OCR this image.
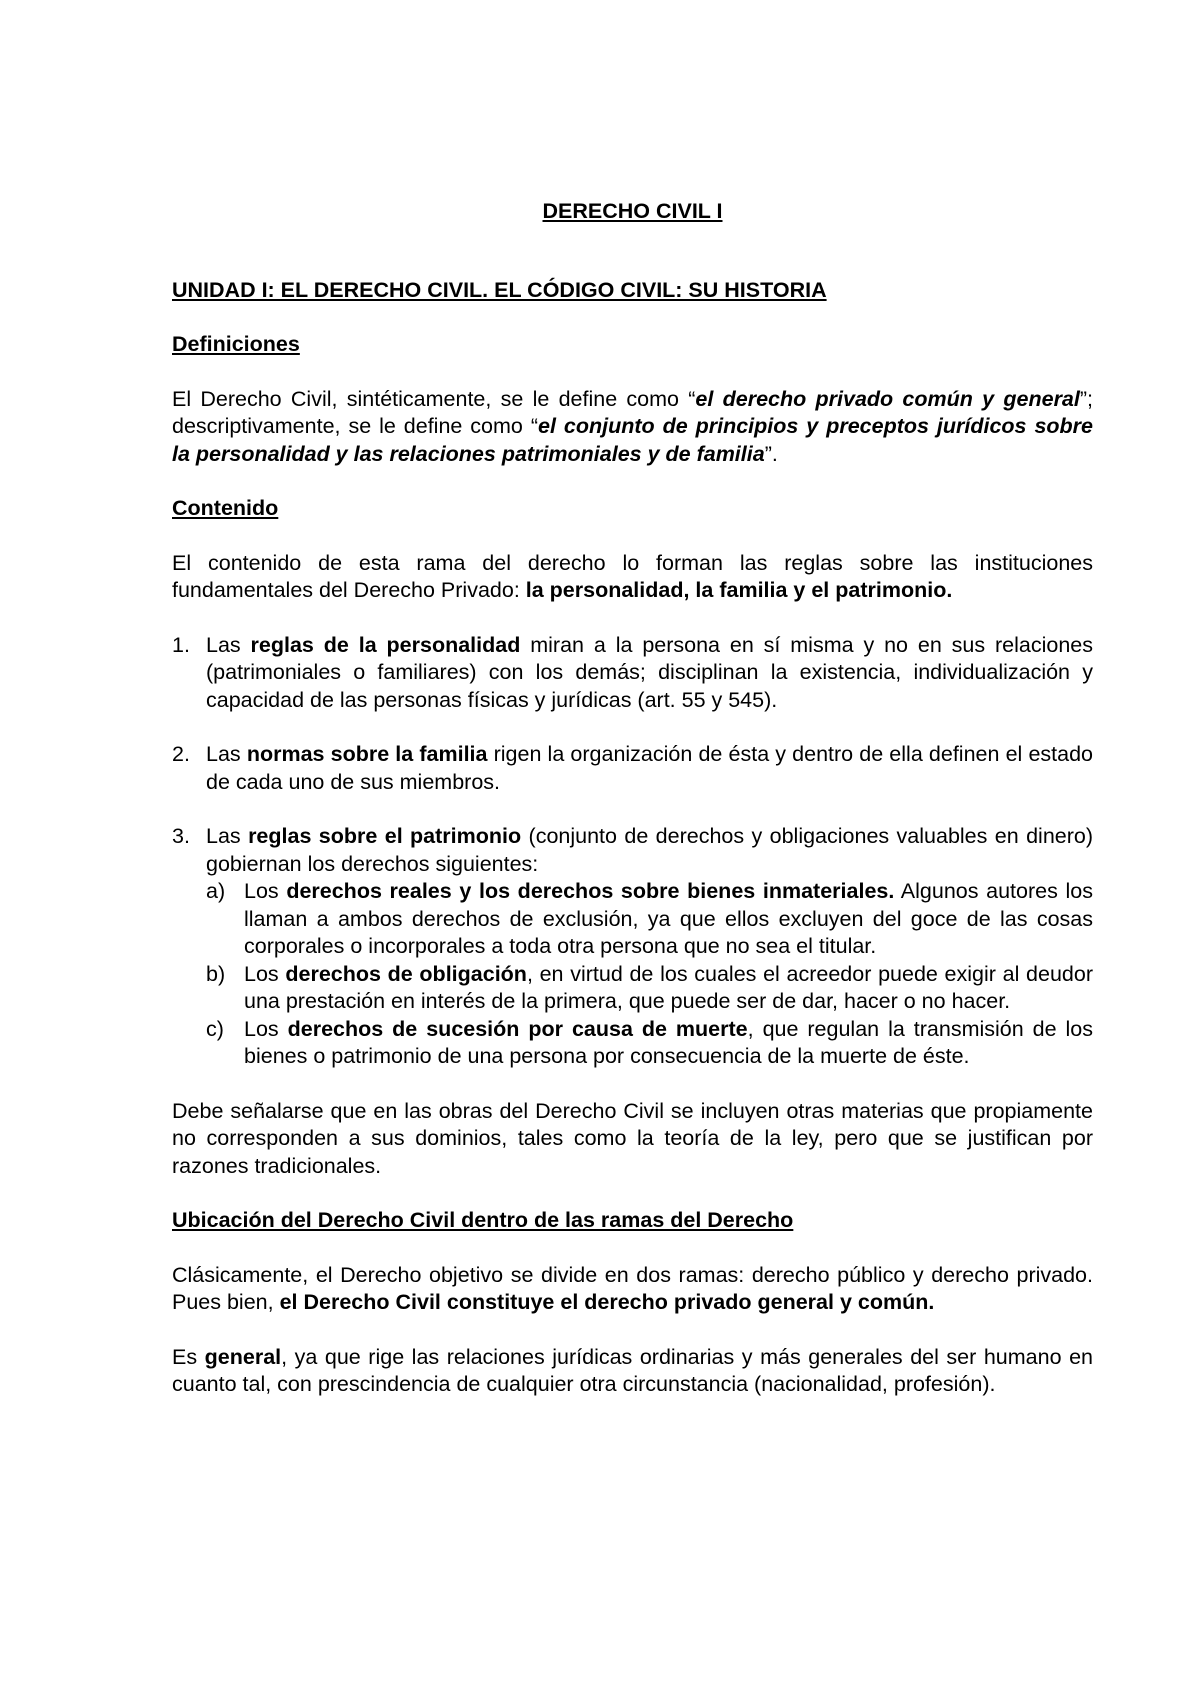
DERECHO CIVIL I
UNIDAD I: EL DERECHO CIVIL. EL CÓDIGO CIVIL: SU HISTORIA
Definiciones

El Derecho Civil, sintéticamente, se le define como “el derecho privado común y general”; descriptivamente, se le define como “el conjunto de principios y preceptos jurídicos sobre la personalidad y las relaciones patrimoniales y de familia”.

Contenido

El contenido de esta rama del derecho lo forman las reglas sobre las instituciones fundamentales del Derecho Privado: la personalidad, la familia y el patrimonio.

1. Las reglas de la personalidad miran a la persona en sí misma y no en sus relaciones (patrimoniales o familiares) con los demás; disciplinan la existencia, individualización y capacidad de las personas físicas y jurídicas (art. 55 y 545).
2. Las normas sobre la familia rigen la organización de ésta y dentro de ella definen el estado de cada uno de sus miembros.
3. Las reglas sobre el patrimonio (conjunto de derechos y obligaciones valuables en dinero) gobiernan los derechos siguientes:
a) Los derechos reales y los derechos sobre bienes inmateriales. Algunos autores los llaman a ambos derechos de exclusión, ya que ellos excluyen del goce de las cosas corporales o incorporales a toda otra persona que no sea el titular.
b) Los derechos de obligación, en virtud de los cuales el acreedor puede exigir al deudor una prestación en interés de la primera, que puede ser de dar, hacer o no hacer.
c) Los derechos de sucesión por causa de muerte, que regulan la transmisión de los bienes o patrimonio de una persona por consecuencia de la muerte de éste.

Debe señalarse que en las obras del Derecho Civil se incluyen otras materias que propiamente no corresponden a sus dominios, tales como la teoría de la ley, pero que se justifican por razones tradicionales.

Ubicación del Derecho Civil dentro de las ramas del Derecho

Clásicamente, el Derecho objetivo se divide en dos ramas: derecho público y derecho privado. Pues bien, el Derecho Civil constituye el derecho privado general y común.

Es general, ya que rige las relaciones jurídicas ordinarias y más generales del ser humano en cuanto tal, con prescindencia de cualquier otra circunstancia (nacionalidad, profesión).
